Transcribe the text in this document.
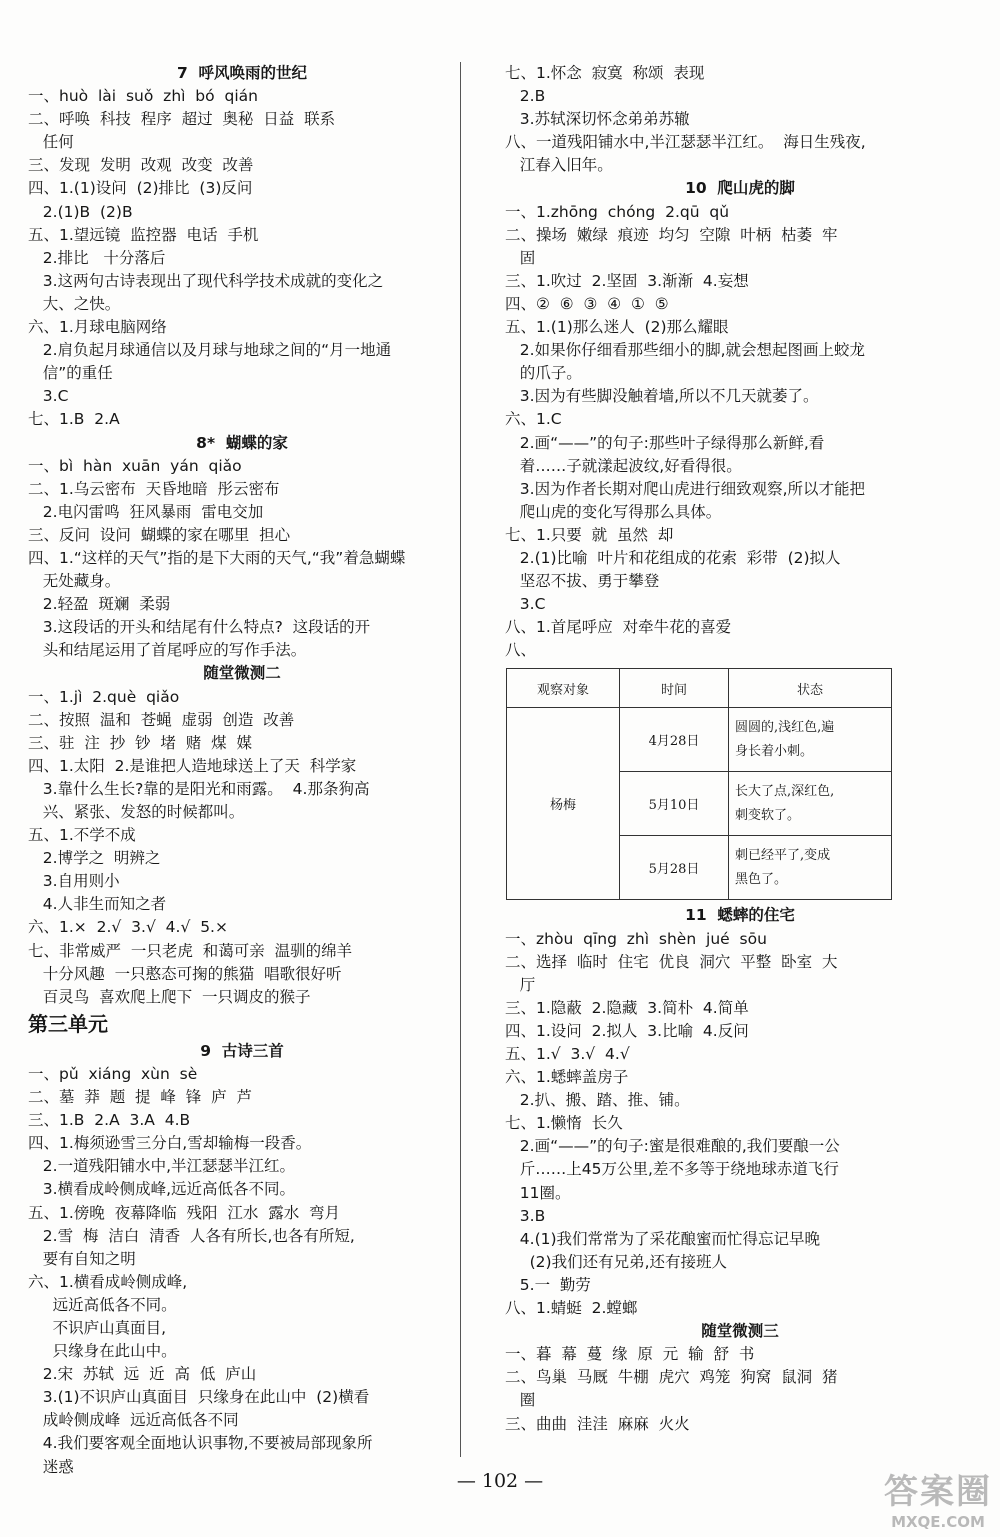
7  呼风唤雨的世纪
一、huò  lài  suǒ  zhì  bó  qián
二、呼唤  科技  程序  超过  奥秘  日益  联系
任何
三、发现  发明  改观  改变  改善
四、1.(1)设问  (2)排比  (3)反问
2.(1)B  (2)B
五、1.望远镜  监控器  电话  手机
2.排比   十分落后
3.这两句古诗表现出了现代科学技术成就的变化之
大、之快。
六、1.月球电脑网络
2.肩负起月球通信以及月球与地球之间的“月一地通
信”的重任
3.C
七、1.B  2.A
8*  蝴蝶的家
一、bì  hàn  xuān  yán  qiǎo
二、1.乌云密布  天昏地暗  彤云密布
2.电闪雷鸣  狂风暴雨  雷电交加
三、反问  设问  蝴蝶的家在哪里  担心
四、1.“这样的天气”指的是下大雨的天气,“我”着急蝴蝶
无处藏身。
2.轻盈  斑斓  柔弱
3.这段话的开头和结尾有什么特点?  这段话的开
头和结尾运用了首尾呼应的写作手法。
随堂微测二
一、1.jì  2.què  qiǎo
二、按照  温和  苍蝇  虚弱  创造  改善
三、驻  注  抄  钞  堵  赌  煤  媒
四、1.太阳  2.是谁把人造地球送上了天  科学家
3.靠什么生长?靠的是阳光和雨露。  4.那条狗高
兴、紧张、发怒的时候都叫。
五、1.不学不成
2.博学之  明辨之
3.自用则小
4.人非生而知之者
六、1.×  2.√  3.√  4.√  5.×
七、非常威严  一只老虎  和蔼可亲  温驯的绵羊
十分风趣  一只憨态可掬的熊猫  唱歌很好听
百灵鸟  喜欢爬上爬下  一只调皮的猴子
第三单元
9  古诗三首
一、pǔ  xiáng  xùn  sè
二、墓  莽  题  提  峰  锋  庐  芦
三、1.B  2.A  3.A  4.B
四、1.梅须逊雪三分白,雪却输梅一段香。
2.一道残阳铺水中,半江瑟瑟半江红。
3.横看成岭侧成峰,远近高低各不同。
五、1.傍晚  夜幕降临  残阳  江水  露水  弯月
2.雪  梅  洁白  清香  人各有所长,也各有所短,
要有自知之明
六、1.横看成岭侧成峰,
远近高低各不同。
不识庐山真面目,
只缘身在此山中。
2.宋  苏轼  远  近  高  低  庐山
3.(1)不识庐山真面目  只缘身在此山中  (2)横看
成岭侧成峰  远近高低各不同
4.我们要客观全面地认识事物,不要被局部现象所
迷惑
七、1.怀念  寂寞  称颂  表现
2.B
3.苏轼深切怀念弟弟苏辙
八、一道残阳铺水中,半江瑟瑟半江红。  海日生残夜,
江春入旧年。
10  爬山虎的脚
一、1.zhōng  chóng  2.qū  qǔ
二、操场  嫩绿  痕迹  均匀  空隙  叶柄  枯萎  牢
固
三、1.吹过  2.坚固  3.渐渐  4.妄想
四、②  ⑥  ③  ④  ①  ⑤
五、1.(1)那么迷人  (2)那么耀眼
2.如果你仔细看那些细小的脚,就会想起图画上蛟龙
的爪子。
3.因为有些脚没触着墙,所以不几天就萎了。
六、1.C
2.画“——”的句子:那些叶子绿得那么新鲜,看
着……子就漾起波纹,好看得很。
3.因为作者长期对爬山虎进行细致观察,所以才能把
爬山虎的变化写得那么具体。
七、1.只要  就  虽然  却
2.(1)比喻  叶片和花组成的花索  彩带  (2)拟人
坚忍不拔、勇于攀登
3.C
八、1.首尾呼应  对牵牛花的喜爱
八、
观察对象	时间	状态
杨梅	4月28日	圆圆的,浅红色,遍
身长着小刺。
	5月10日	长大了点,深红色,
刺变软了。
	5月28日	刺已经平了,变成
黑色了。
11  蟋蟀的住宅
一、zhòu  qīng  zhì  shèn  jué  sōu
二、选择  临时  住宅  优良  洞穴  平整  卧室  大
厅
三、1.隐蔽  2.隐藏  3.简朴  4.简单
四、1.设问  2.拟人  3.比喻  4.反问
五、1.√  3.√  4.√
六、1.蟋蟀盖房子
2.扒、搬、踏、推、铺。
七、1.懒惰  长久
2.画“——”的句子:蜜是很难酿的,我们要酿一公
斤……上45万公里,差不多等于绕地球赤道飞行
11圈。
3.B
4.(1)我们常常为了采花酿蜜而忙得忘记早晚
(2)我们还有兄弟,还有接班人
5.一  勤劳
八、1.蜻蜓  2.螳螂
随堂微测三
一、暮  幕  蔓  缘  原  元  输  舒  书
二、鸟巢  马厩  牛棚  虎穴  鸡笼  狗窝  鼠洞  猪
圈
三、曲曲  洼洼  麻麻  火火
— 102 —	答案圈
MXQE.COM
